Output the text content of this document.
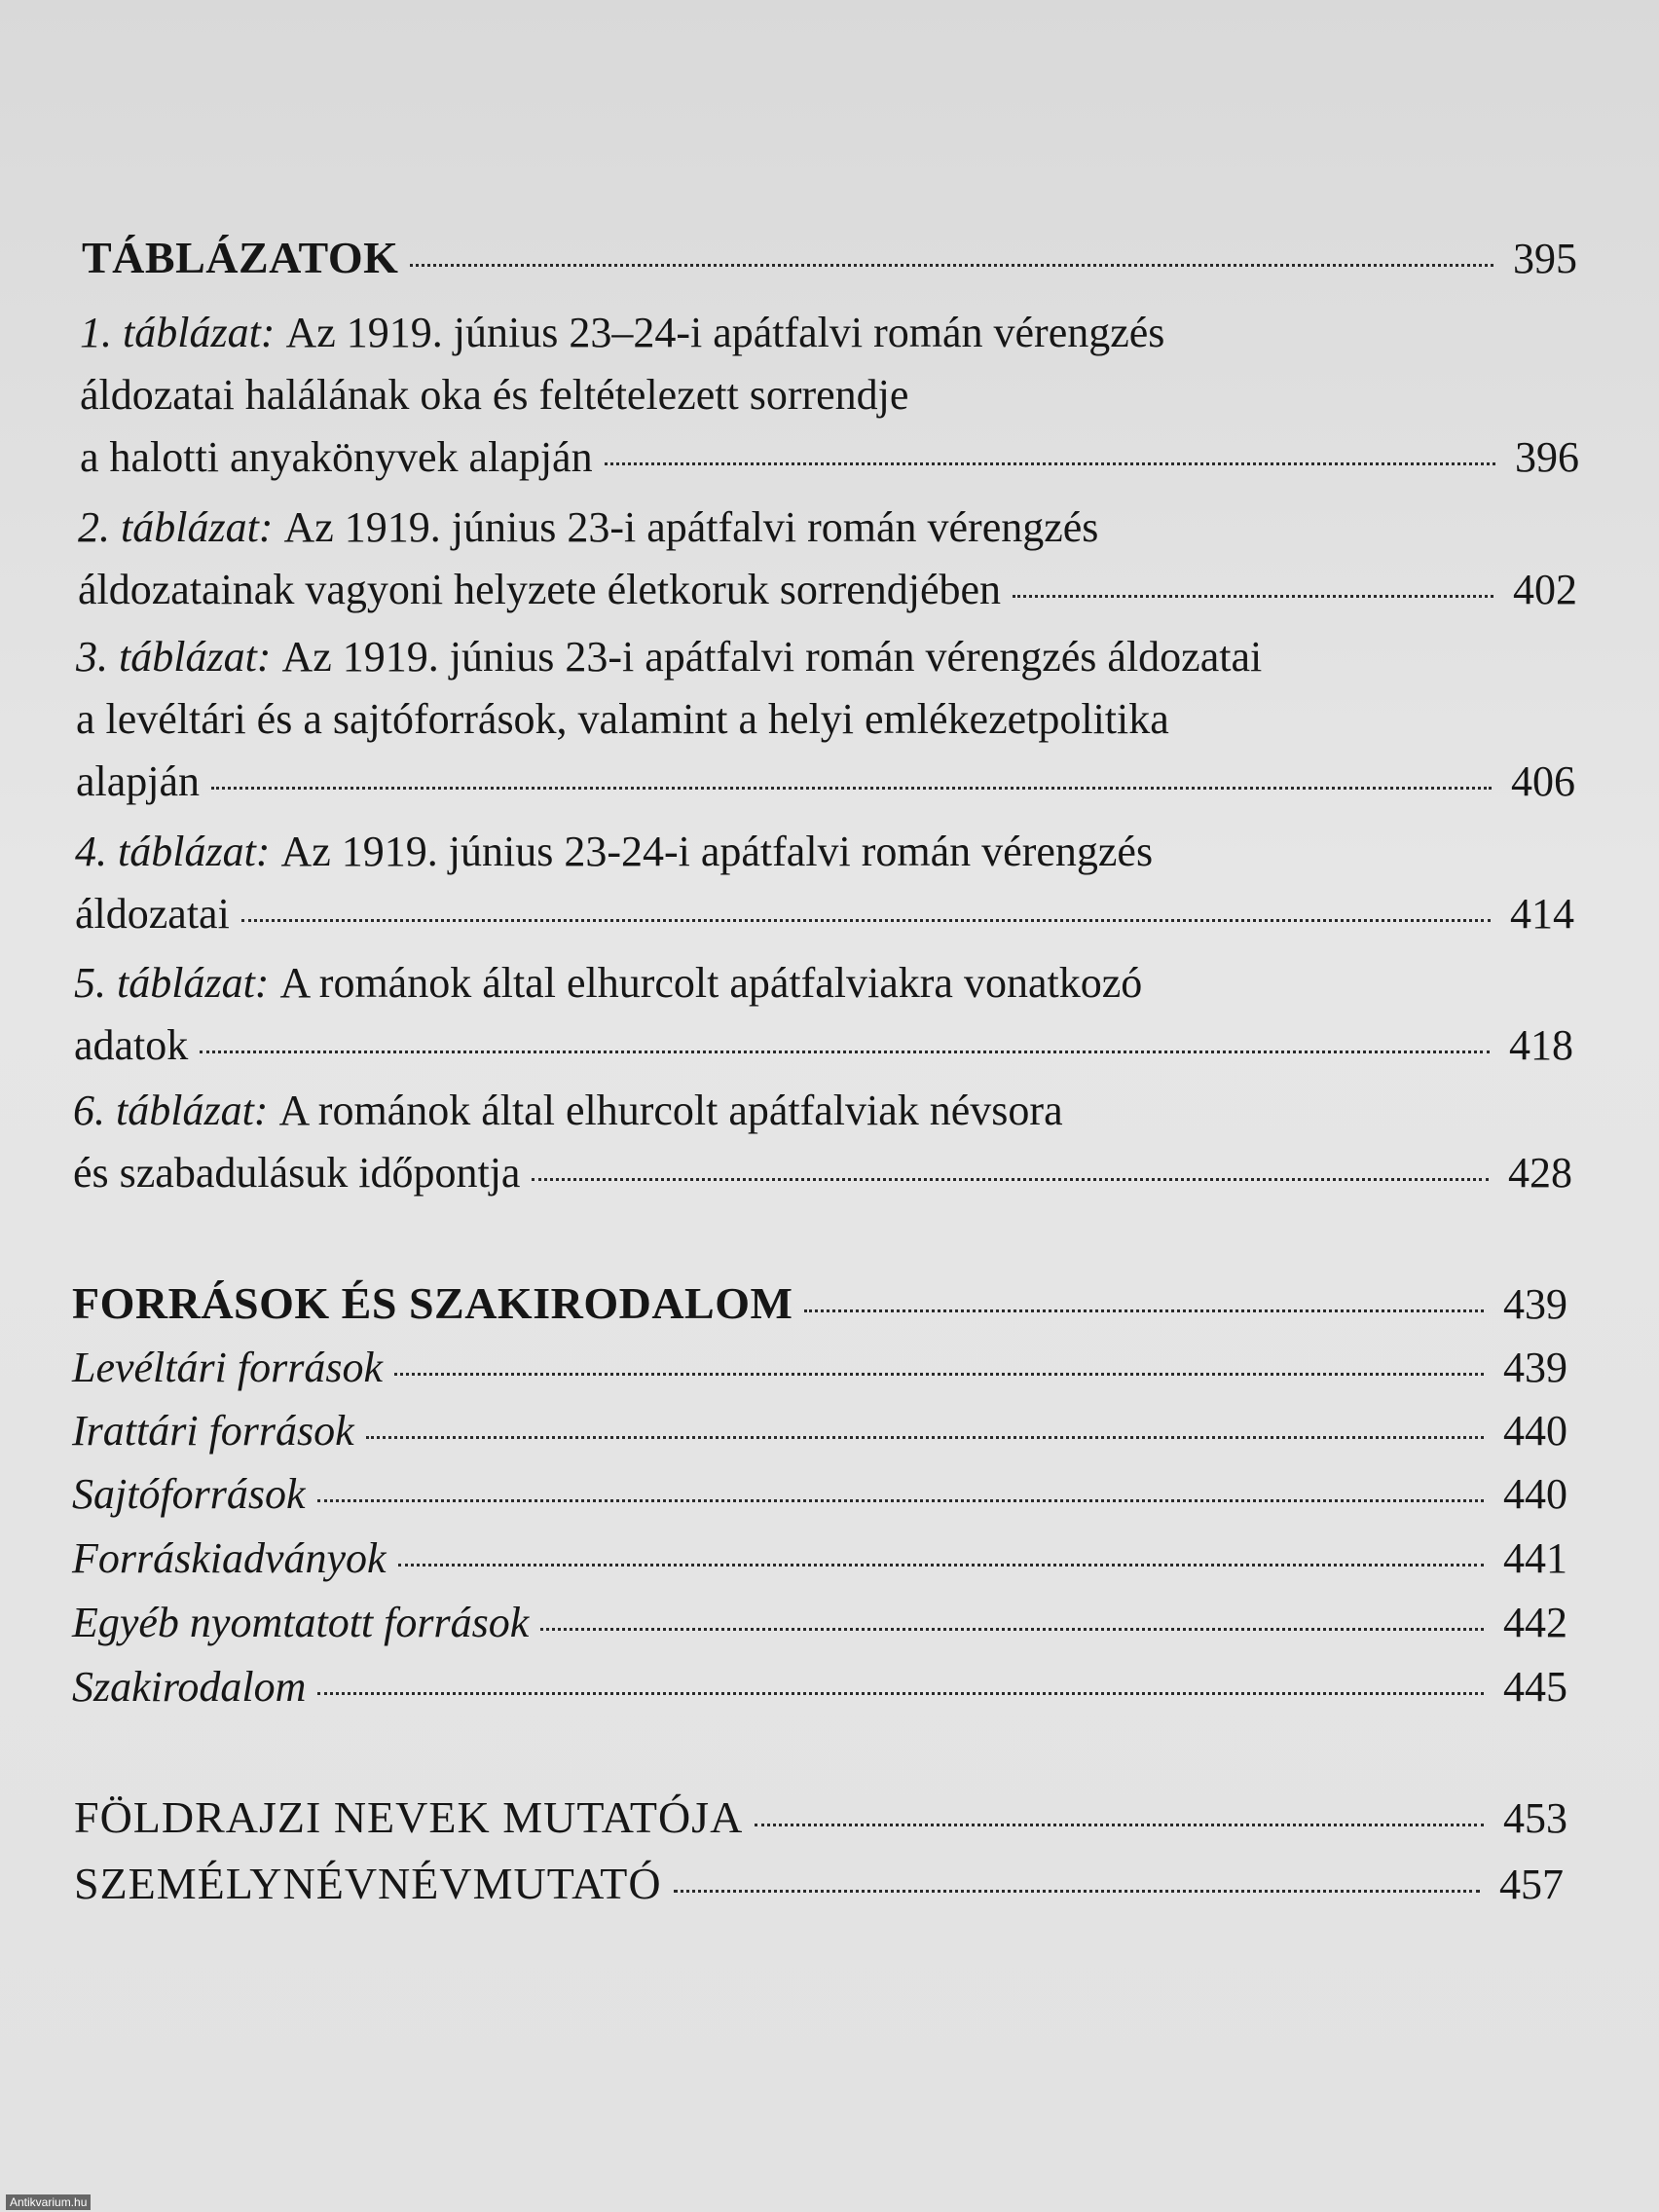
TÁBLÁZATOK	395
1. táblázat: Az 1919. június 23–24-i apátfalvi román vérengzés
áldozatai halálának oka és feltételezett sorrendje
a halotti anyakönyvek alapján	396
2. táblázat: Az 1919. június 23-i apátfalvi román vérengzés
áldozatainak vagyoni helyzete életkoruk sorrendjében	402
3. táblázat: Az 1919. június 23-i apátfalvi román vérengzés áldozatai
a levéltári és a sajtóforrások, valamint a helyi emlékezetpolitika
alapján	406
4. táblázat: Az 1919. június 23-24-i apátfalvi román vérengzés
áldozatai	414
5. táblázat: A románok által elhurcolt apátfalviakra vonatkozó
adatok	418
6. táblázat: A románok által elhurcolt apátfalviak névsora
és szabadulásuk időpontja	428
FORRÁSOK ÉS SZAKIRODALOM	439
Levéltári források	439
Irattári források	440
Sajtóforrások	440
Forráskiadványok	441
Egyéb nyomtatott források	442
Szakirodalom	445
FÖLDRAJZI NEVEK MUTATÓJA	453
SZEMÉLYNÉVNÉVMUTATÓ	457
Antikvarium.hu
